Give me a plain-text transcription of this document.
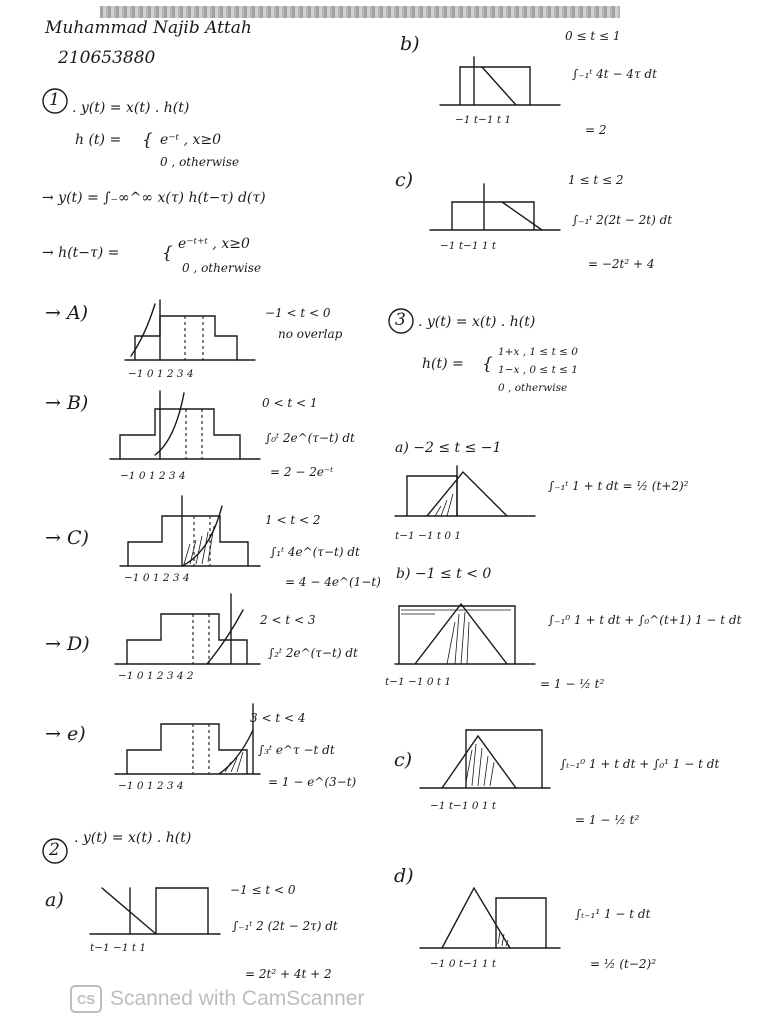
Muhammad Najib Attah
210653880
1 . y(t) = x(t) . h(t)
h (t) = { e⁻ᵗ , x≥0
0 , otherwise
→ y(t) = ∫₋∞^∞ x(τ) h(t−τ) d(τ)
→ h(t−τ) =	{ e⁻ᵗ⁺ᵗ , x≥0
0 , otherwise
→ A)
−1 0 1 2 3 4
−1 < t < 0
no overlap
→ B)
−1 0 1 2 3 4
0 < t < 1
∫₀ᵗ 2e^(τ−t) dt
= 2 − 2e⁻ᵗ
→ C)
−1 0 1 2 3 4
1 < t < 2
∫₁ᵗ 4e^(τ−t) dt
= 4 − 4e^(1−t)
→ D)
−1 0 1 2 3 4 2
2 < t < 3
∫₂ᵗ 2e^(τ−t) dt
→ e)
−1 0 1 2 3 4
3 < t < 4
∫₃ᵗ e^τ −t dt
= 1 − e^(3−t)
2
. y(t) = x(t) . h(t)
a)
t−1 −1 t 1
−1 ≤ t < 0
∫₋₁ᵗ 2 (2t − 2τ) dt
= 2t² + 4t + 2
b)
−1 t−1 t 1
0 ≤ t ≤ 1
∫₋₁ᵗ 4t − 4τ dt
= 2
c)
−1 t−1 1 t
1 ≤ t ≤ 2
∫₋₁ᵗ 2(2t − 2t) dt
= −2t² + 4
3 . y(t) = x(t) . h(t)
h(t) = {
1+x , 1 ≤ t ≤ 0
1−x , 0 ≤ t ≤ 1
0 , otherwise
a) −2 ≤ t ≤ −1
t−1 −1 t 0 1
∫₋₁ᵗ 1 + t dt = ½ (t+2)²
b) −1 ≤ t < 0
t−1 −1 0 t 1
∫₋₁⁰ 1 + t dt + ∫₀^(t+1) 1 − t dt
= 1 − ½ t²
c)
−1 t−1 0 1 t
∫ₜ₋₁⁰ 1 + t dt + ∫₀¹ 1 − t dt
= 1 − ½ t²
d)
−1 0 t−1 1 t
∫ₜ₋₁¹ 1 − t dt
= ½ (t−2)²
CS Scanned with CamScanner
